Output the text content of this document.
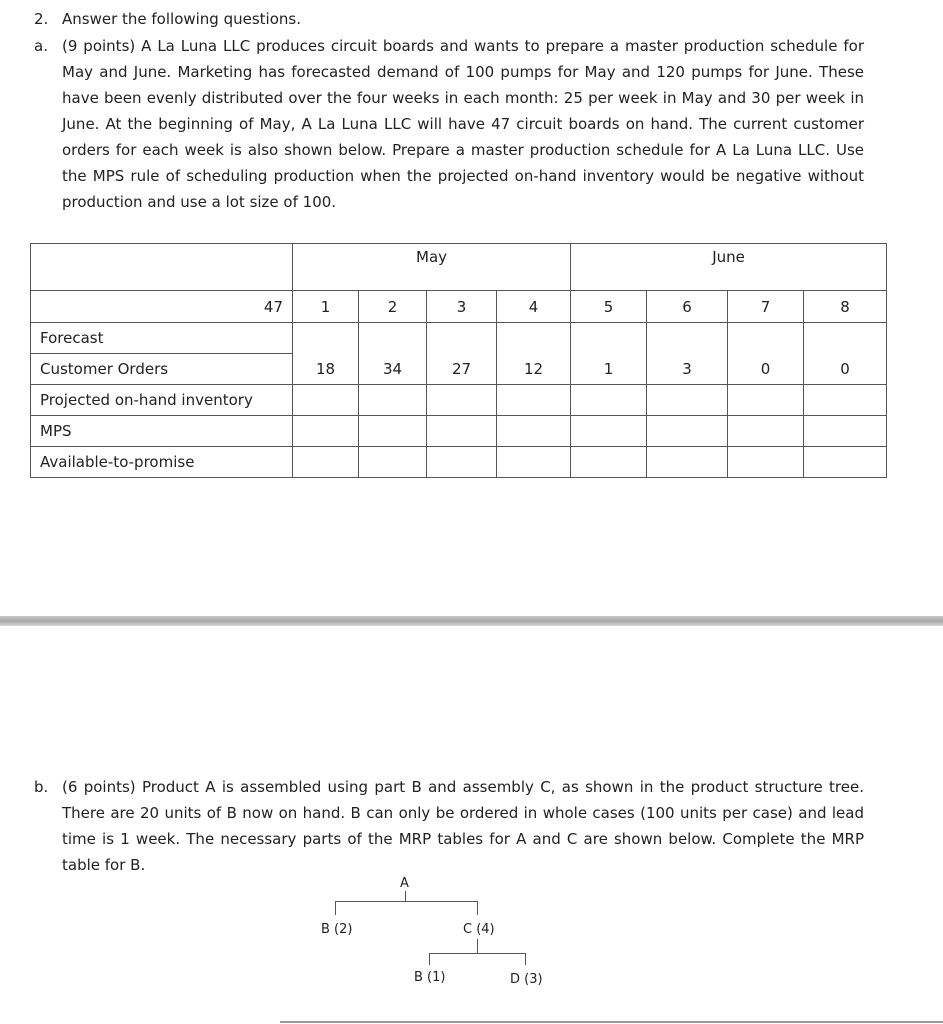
2. Answer the following questions.
a. (9 points) A La Luna LLC produces circuit boards and wants to prepare a master production schedule for May and June. Marketing has forecasted demand of 100 pumps for May and 120 pumps for June. These have been evenly distributed over the four weeks in each month: 25 per week in May and 30 per week in June. At the beginning of May, A La Luna LLC will have 47 circuit boards on hand. The current customer orders for each week is also shown below. Prepare a master production schedule for A La Luna LLC. Use the MPS rule of scheduling production when the projected on-hand inventory would be negative without production and use a lot size of 100.
	May				June			
47	1	2	3	4	5	6	7	8
Forecast								
Customer Orders	18	34	27	12	1	3	0	0
Projected on-hand inventory								
MPS								
Available-to-promise								
b. (6 points) Product A is assembled using part B and assembly C, as shown in the product structure tree. There are 20 units of B now on hand. B can only be ordered in whole cases (100 units per case) and lead time is 1 week. The necessary parts of the MRP tables for A and C are shown below. Complete the MRP table for B.
A
B (2)	C (4)
B (1)	D (3)
